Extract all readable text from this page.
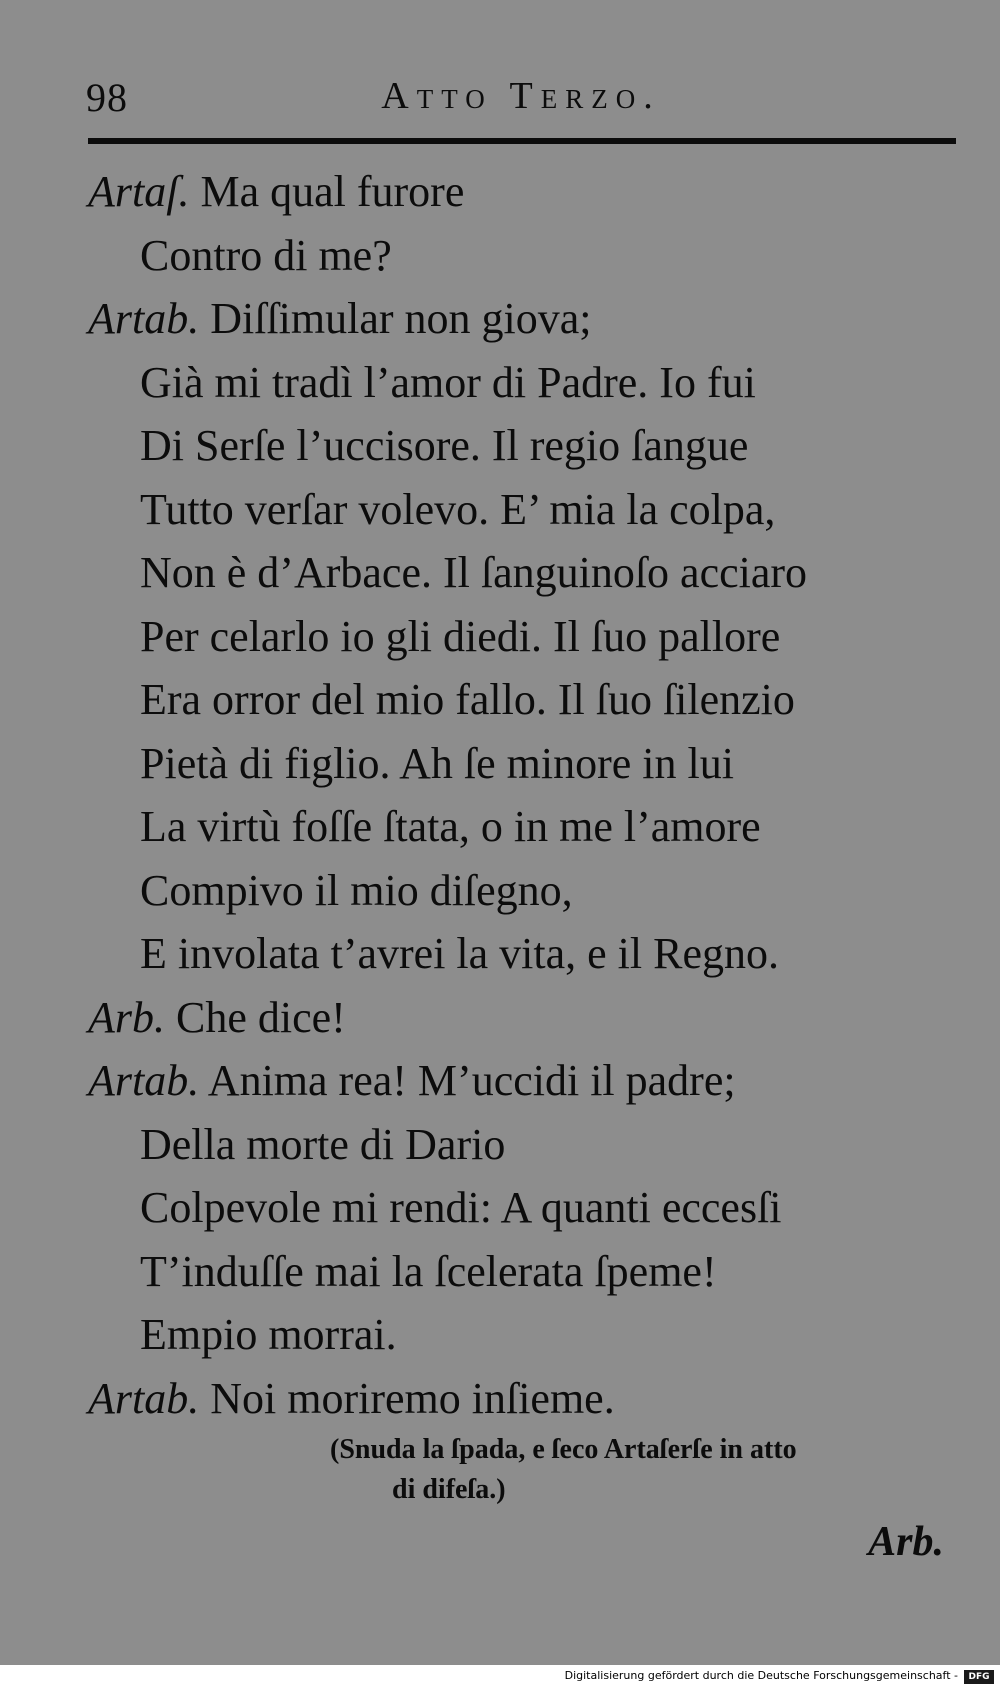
98	Atto Terzo.
Artaſ. Ma qual furore
Contro di me?
Artab. Diſſimular non giova;
Già mi tradì l’amor di Padre. Io fui
Di Serſe l’uccisore. Il regio ſangue
Tutto verſar volevo. E’ mia la colpa,
Non è d’Arbace. Il ſanguinoſo acciaro
Per celarlo io gli diedi. Il ſuo pallore
Era orror del mio fallo. Il ſuo ſilenzio
Pietà di figlio. Ah ſe minore in lui
La virtù foſſe ſtata, o in me l’amore
Compivo il mio diſegno,
E involata t’avrei la vita, e il Regno.
Arb. Che dice!
Artab. Anima rea! M’uccidi il padre;
Della morte di Dario
Colpevole mi rendi: A quanti eccesſi
T’induſſe mai la ſcelerata ſpeme!
Empio morrai.
Artab. Noi moriremo inſieme.
(Snuda la ſpada, e ſeco Artaſerſe in atto
di difeſa.)
Arb.
Digitalisierung gefördert durch die Deutsche Forschungsgemeinschaft -	DFG
